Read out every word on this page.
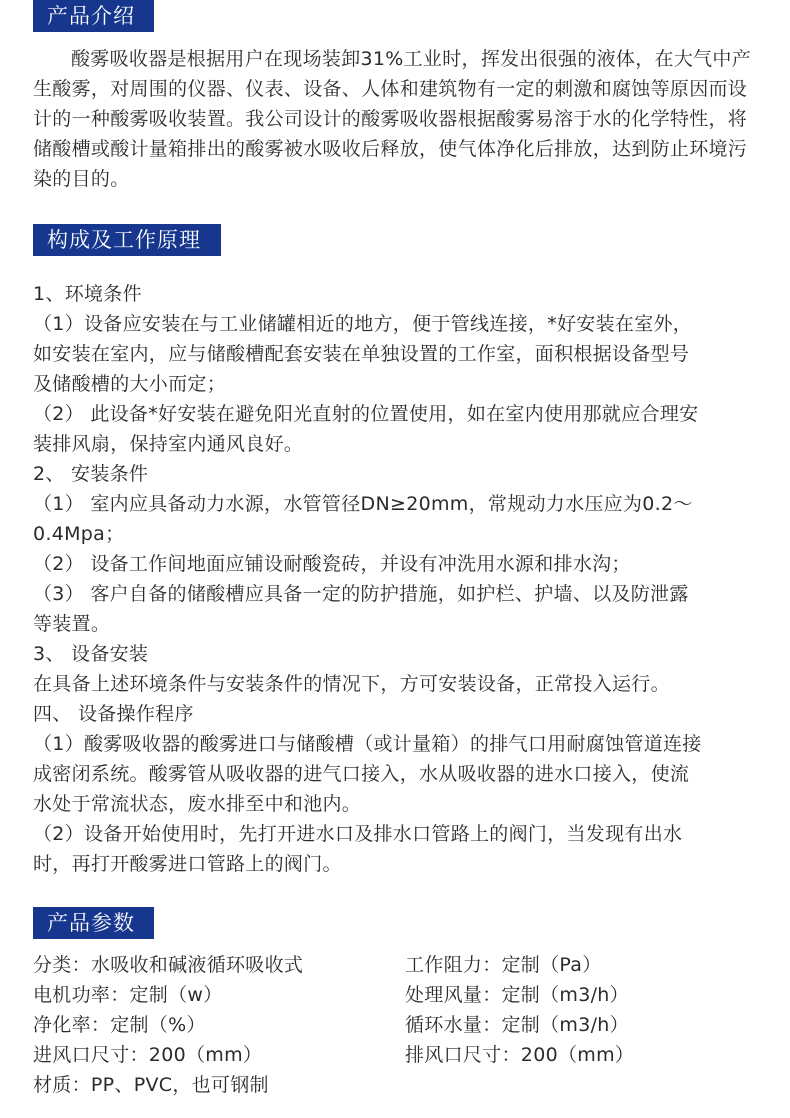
产品介绍
酸雾吸收器是根据用户在现场装卸31%工业时，挥发出很强的液体，在大气中产生酸雾，对周围的仪器、仪表、设备、人体和建筑物有一定的刺激和腐蚀等原因而设计的一种酸雾吸收装置。我公司设计的酸雾吸收器根据酸雾易溶于水的化学特性，将储酸槽或酸计量箱排出的酸雾被水吸收后释放，使气体净化后排放，达到防止环境污染的目的。
构成及工作原理
1、环境条件
（1）设备应安装在与工业储罐相近的地方，便于管线连接，*好安装在室外，
如安装在室内，应与储酸槽配套安装在单独设置的工作室，面积根据设备型号
及储酸槽的大小而定；
（2） 此设备*好安装在避免阳光直射的位置使用，如在室内使用那就应合理安
装排风扇，保持室内通风良好。
2、 安装条件
（1） 室内应具备动力水源，水管管径DN≥20mm，常规动力水压应为0.2～
0.4Mpa；
（2） 设备工作间地面应铺设耐酸瓷砖，并设有冲洗用水源和排水沟；
（3） 客户自备的储酸槽应具备一定的防护措施，如护栏、护墙、以及防泄露
等装置。
3、 设备安装
在具备上述环境条件与安装条件的情况下，方可安装设备，正常投入运行。
四、 设备操作程序
（1）酸雾吸收器的酸雾进口与储酸槽（或计量箱）的排气口用耐腐蚀管道连接
成密闭系统。酸雾管从吸收器的进气口接入，水从吸收器的进水口接入，使流
水处于常流状态，废水排至中和池内。
（2）设备开始使用时，先打开进水口及排水口管路上的阀门，当发现有出水
时，再打开酸雾进口管路上的阀门。
产品参数
分类：水吸收和碱液循环吸收式
电机功率：定制（w）
净化率：定制（%）
进风口尺寸：200（mm）
材质：PP、PVC，也可钢制
工作阻力：定制（Pa）
处理风量：定制（m3/h）
循环水量：定制（m3/h）
排风口尺寸：200（mm）
